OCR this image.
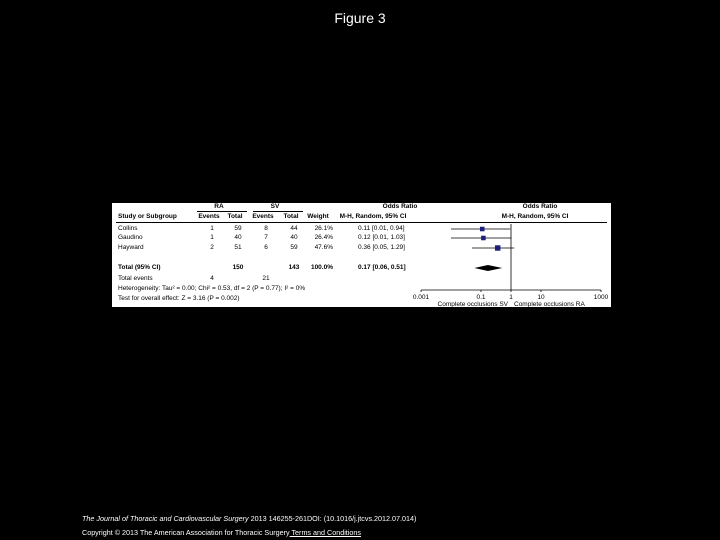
Figure 3
RA	SV	Odds Ratio	Odds Ratio
Study or Subgroup	Events	Total	Events	Total	Weight	M-H, Random, 95% CI	M-H, Random, 95% CI
Collins	1	59	8	44	26.1%	0.11 [0.01, 0.94]
Gaudino	1	40	7	40	26.4%	0.12 [0.01, 1.03]
Hayward	2	51	6	59	47.6%	0.36 [0.05, 1.29]
Total (95% CI)	150	143	100.0%	0.17 [0.06, 0.51]
Total events	4	21
Heterogeneity: Tau² = 0.00; Chi² = 0.53, df = 2 (P = 0.77); I² = 0%
Test for overall effect: Z = 3.16 (P = 0.002)	0.001	0.1	1	10	1000
Complete occlusions SV Complete occlusions RA
The Journal of Thoracic and Cardiovascular Surgery 2013 146255-261DOI: (10.1016/j.jtcvs.2012.07.014)
Copyright © 2013 The American Association for Thoracic Surgery Terms and Conditions
